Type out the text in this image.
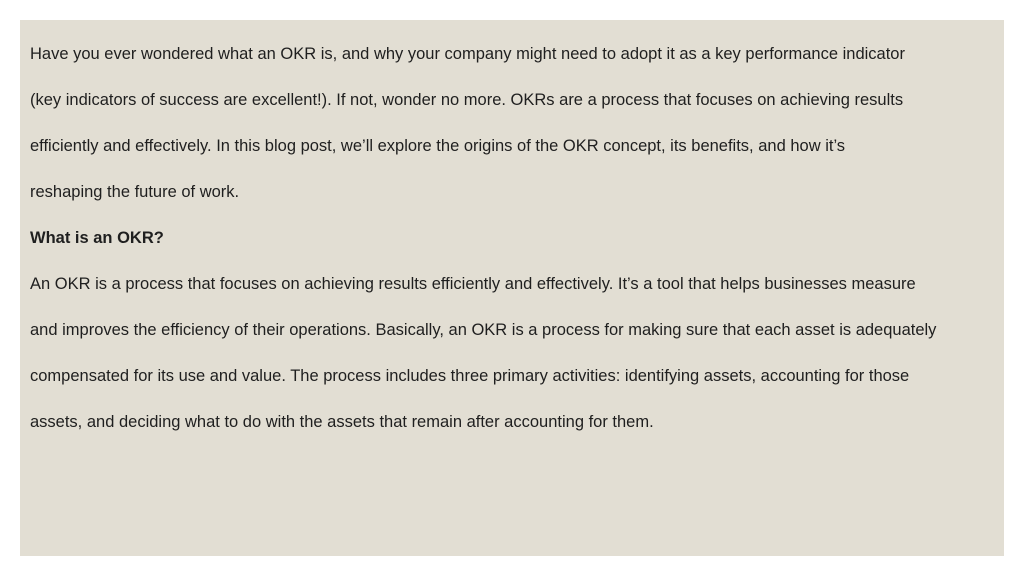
Have you ever wondered what an OKR is, and why your company might need to adopt it as a key performance indicator
(key indicators of success are excellent!). If not, wonder no more. OKRs are a process that focuses on achieving results
efficiently and effectively. In this blog post, we’ll explore the origins of the OKR concept, its benefits, and how it’s
reshaping the future of work.
What is an OKR?
An OKR is a process that focuses on achieving results efficiently and effectively. It’s a tool that helps businesses measure
and improves the efficiency of their operations. Basically, an OKR is a process for making sure that each asset is adequately
compensated for its use and value. The process includes three primary activities: identifying assets, accounting for those
assets, and deciding what to do with the assets that remain after accounting for them.
